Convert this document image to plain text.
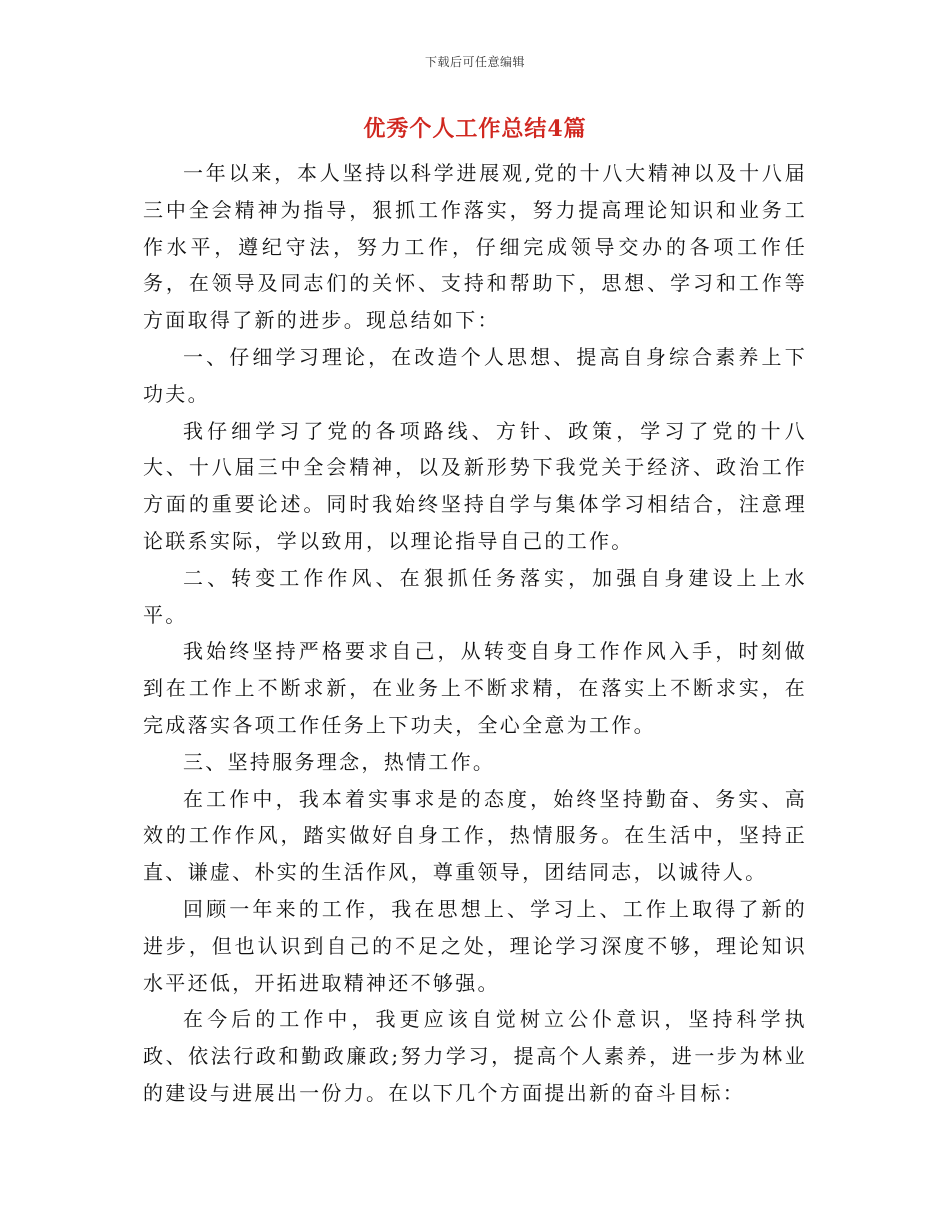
下载后可任意编辑
优秀个人工作总结4篇

一年以来，本人坚持以科学进展观,党的十八大精神以及十八届三中全会精神为指导，狠抓工作落实，努力提高理论知识和业务工作水平，遵纪守法，努力工作，仔细完成领导交办的各项工作任务，在领导及同志们的关怀、支持和帮助下，思想、学习和工作等方面取得了新的进步。现总结如下：

一、仔细学习理论，在改造个人思想、提高自身综合素养上下功夫。

我仔细学习了党的各项路线、方针、政策，学习了党的十八大、十八届三中全会精神，以及新形势下我党关于经济、政治工作方面的重要论述。同时我始终坚持自学与集体学习相结合，注意理论联系实际，学以致用，以理论指导自己的工作。

二、转变工作作风、在狠抓任务落实，加强自身建设上上水平。

我始终坚持严格要求自己，从转变自身工作作风入手，时刻做到在工作上不断求新，在业务上不断求精，在落实上不断求实，在完成落实各项工作任务上下功夫，全心全意为工作。

三、坚持服务理念，热情工作。

在工作中，我本着实事求是的态度，始终坚持勤奋、务实、高效的工作作风，踏实做好自身工作，热情服务。在生活中，坚持正直、谦虚、朴实的生活作风，尊重领导，团结同志，以诚待人。

回顾一年来的工作，我在思想上、学习上、工作上取得了新的进步，但也认识到自己的不足之处，理论学习深度不够，理论知识水平还低，开拓进取精神还不够强。

在今后的工作中，我更应该自觉树立公仆意识，坚持科学执政、依法行政和勤政廉政;努力学习，提高个人素养，进一步为林业的建设与进展出一份力。在以下几个方面提出新的奋斗目标：
